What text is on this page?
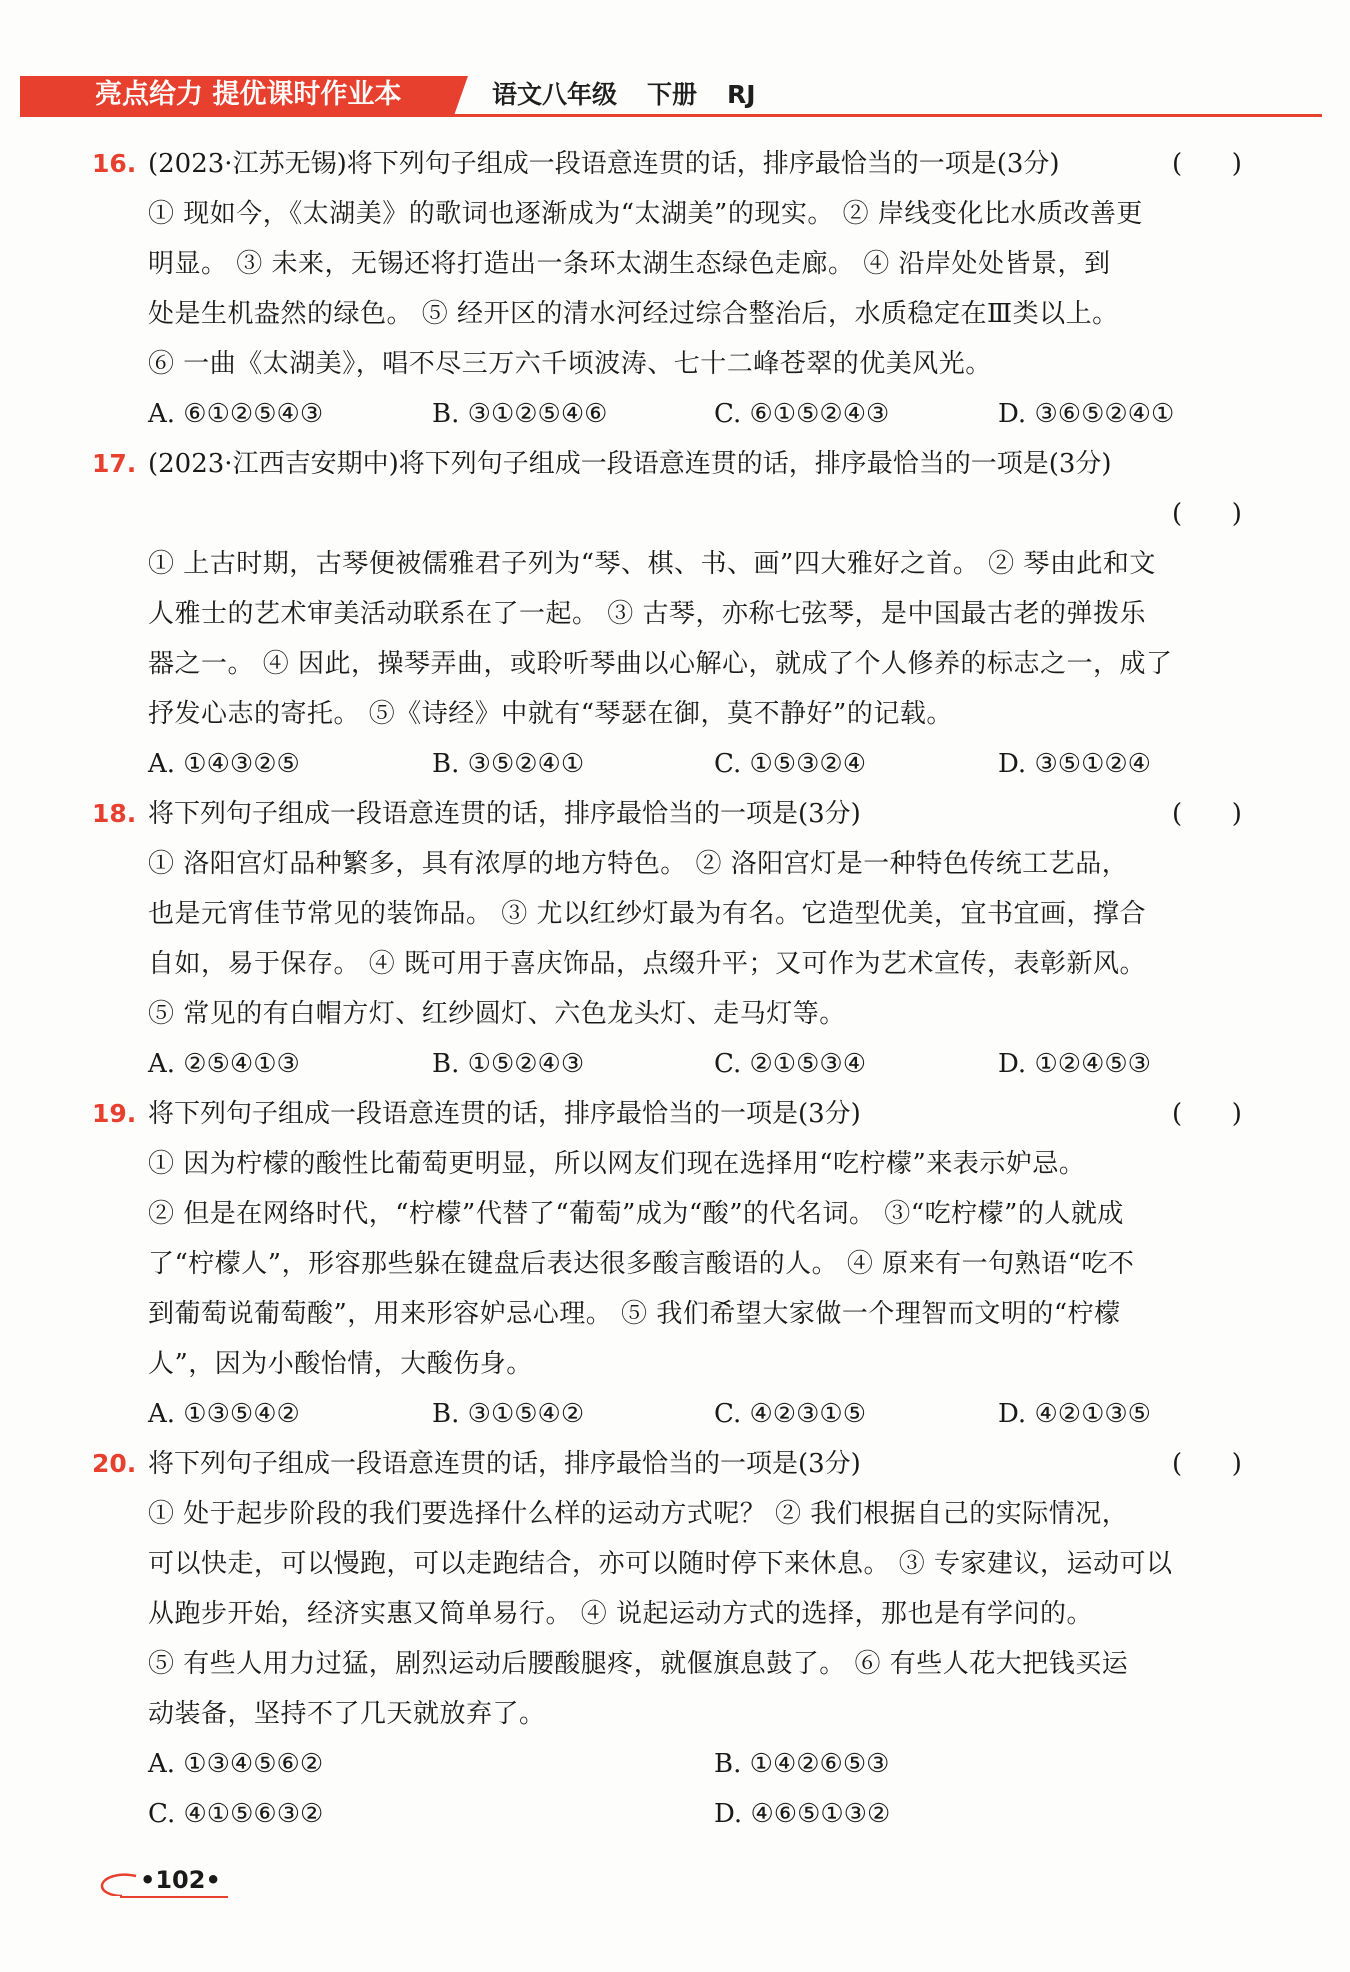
亮点给力 提优课时作业本	语文八年级 下册 RJ
16. (2023·江苏无锡)将下列句子组成一段语意连贯的话，排序最恰当的一项是(3分)	(      )
① 现如今，《太湖美》的歌词也逐渐成为“太湖美”的现实。 ② 岸线变化比水质改善更
明显。 ③ 未来，无锡还将打造出一条环太湖生态绿色走廊。 ④ 沿岸处处皆景，到
处是生机盎然的绿色。 ⑤ 经开区的清水河经过综合整治后，水质稳定在Ⅲ类以上。
⑥ 一曲《太湖美》，唱不尽三万六千顷波涛、七十二峰苍翠的优美风光。
A. ⑥①②⑤④③	B. ③①②⑤④⑥	C. ⑥①⑤②④③	D. ③⑥⑤②④①
17. (2023·江西吉安期中)将下列句子组成一段语意连贯的话，排序最恰当的一项是(3分)
(      )
① 上古时期，古琴便被儒雅君子列为“琴、棋、书、画”四大雅好之首。 ② 琴由此和文
人雅士的艺术审美活动联系在了一起。 ③ 古琴，亦称七弦琴，是中国最古老的弹拨乐
器之一。 ④ 因此，操琴弄曲，或聆听琴曲以心解心，就成了个人修养的标志之一，成了
抒发心志的寄托。 ⑤《诗经》中就有“琴瑟在御，莫不静好”的记载。
A. ①④③②⑤	B. ③⑤②④①	C. ①⑤③②④	D. ③⑤①②④
18. 将下列句子组成一段语意连贯的话，排序最恰当的一项是(3分)	(      )
① 洛阳宫灯品种繁多，具有浓厚的地方特色。 ② 洛阳宫灯是一种特色传统工艺品，
也是元宵佳节常见的装饰品。 ③ 尤以红纱灯最为有名。它造型优美，宜书宜画，撑合
自如，易于保存。 ④ 既可用于喜庆饰品，点缀升平；又可作为艺术宣传，表彰新风。
⑤ 常见的有白帽方灯、红纱圆灯、六色龙头灯、走马灯等。
A. ②⑤④①③	B. ①⑤②④③	C. ②①⑤③④	D. ①②④⑤③
19. 将下列句子组成一段语意连贯的话，排序最恰当的一项是(3分)	(      )
① 因为柠檬的酸性比葡萄更明显，所以网友们现在选择用“吃柠檬”来表示妒忌。
② 但是在网络时代，“柠檬”代替了“葡萄”成为“酸”的代名词。 ③“吃柠檬”的人就成
了“柠檬人”，形容那些躲在键盘后表达很多酸言酸语的人。 ④ 原来有一句熟语“吃不
到葡萄说葡萄酸”，用来形容妒忌心理。 ⑤ 我们希望大家做一个理智而文明的“柠檬
人”，因为小酸怡情，大酸伤身。
A. ①③⑤④②	B. ③①⑤④②	C. ④②③①⑤	D. ④②①③⑤
20. 将下列句子组成一段语意连贯的话，排序最恰当的一项是(3分)	(      )
① 处于起步阶段的我们要选择什么样的运动方式呢？ ② 我们根据自己的实际情况，
可以快走，可以慢跑，可以走跑结合，亦可以随时停下来休息。 ③ 专家建议，运动可以
从跑步开始，经济实惠又简单易行。 ④ 说起运动方式的选择，那也是有学问的。
⑤ 有些人用力过猛，剧烈运动后腰酸腿疼，就偃旗息鼓了。 ⑥ 有些人花大把钱买运
动装备，坚持不了几天就放弃了。
A. ①③④⑤⑥②	B. ①④②⑥⑤③
C. ④①⑤⑥③②	D. ④⑥⑤①③②
•102•
